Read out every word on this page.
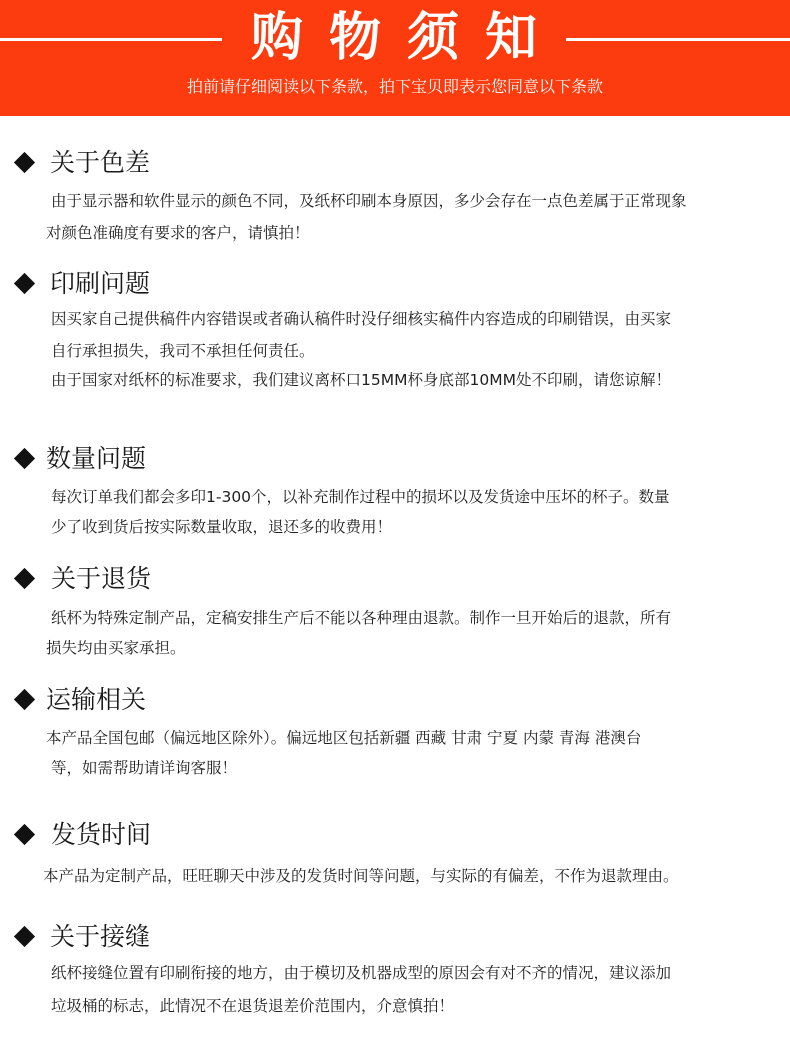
购物须知
拍前请仔细阅读以下条款，拍下宝贝即表示您同意以下条款
关于色差
由于显示器和软件显示的颜色不同，及纸杯印刷本身原因，多少会存在一点色差属于正常现象
对颜色准确度有要求的客户，请慎拍！
印刷问题
因买家自己提供稿件内容错误或者确认稿件时没仔细核实稿件内容造成的印刷错误，由买家
自行承担损失，我司不承担任何责任。
由于国家对纸杯的标准要求，我们建议离杯口15MM杯身底部10MM处不印刷，请您谅解！
数量问题
每次订单我们都会多印1-300个，以补充制作过程中的损坏以及发货途中压坏的杯子。数量
少了收到货后按实际数量收取，退还多的收费用！
关于退货
纸杯为特殊定制产品，定稿安排生产后不能以各种理由退款。制作一旦开始后的退款，所有
损失均由买家承担。
运输相关
本产品全国包邮（偏远地区除外）。偏远地区包括新疆 西藏 甘肃 宁夏 内蒙 青海 港澳台
等，如需帮助请详询客服！
发货时间
本产品为定制产品，旺旺聊天中涉及的发货时间等问题，与实际的有偏差，不作为退款理由。
关于接缝
纸杯接缝位置有印刷衔接的地方，由于模切及机器成型的原因会有对不齐的情况，建议添加
垃圾桶的标志，此情况不在退货退差价范围内，介意慎拍！
